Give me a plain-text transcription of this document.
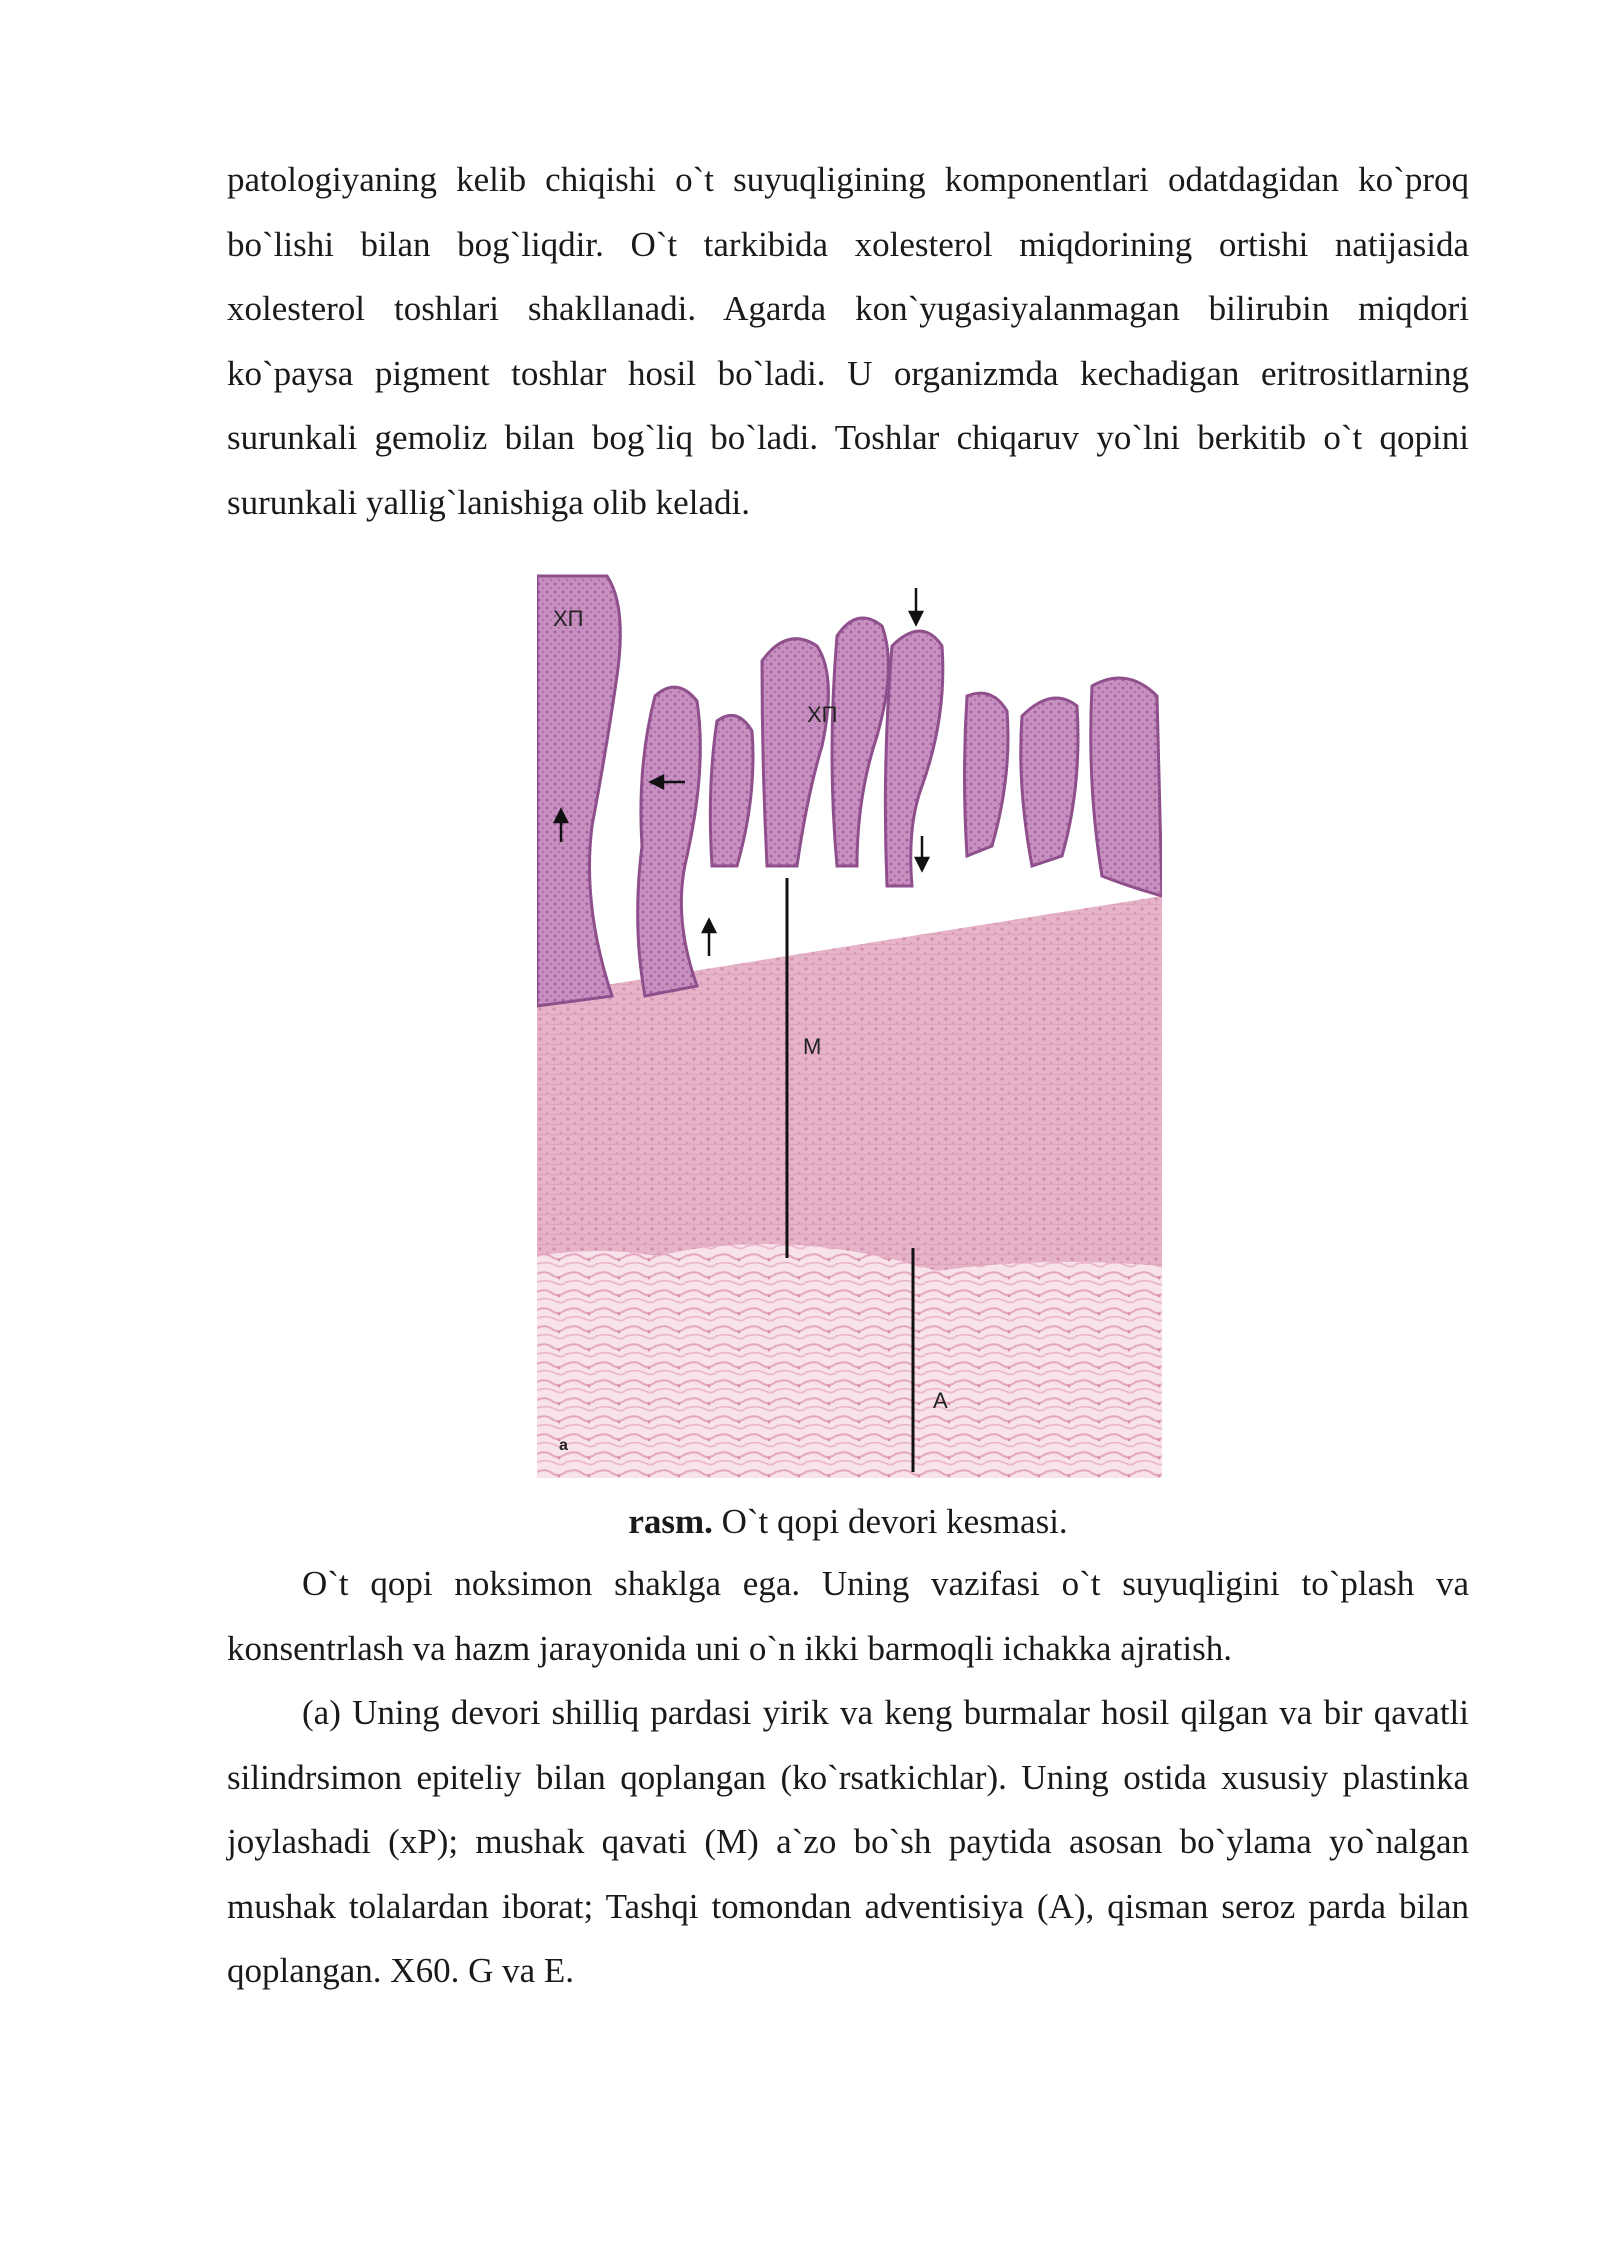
patologiyaning kelib chiqishi o`t suyuqligining komponentlari odatdagidan ko`proq bo`lishi bilan bog`liqdir. O`t tarkibida xolesterol miqdorining ortishi natijasida xolesterol toshlari shakllanadi. Agarda kon`yugasiyalanmagan bilirubin miqdori ko`paysa pigment toshlar hosil bo`ladi. U organizmda kechadigan eritrositlarning surunkali gemoliz bilan bog`liq bo`ladi. Toshlar chiqaruv yo`lni berkitib o`t qopini surunkali yallig`lanishiga olib keladi.

ХП
ХП
M
A
a

rasm. O`t qopi devori kesmasi.

O`t qopi noksimon shaklga ega. Uning vazifasi o`t suyuqligini to`plash va konsentrlash va hazm jarayonida uni o`n ikki barmoqli ichakka ajratish.

(a) Uning devori shilliq pardasi yirik va keng burmalar hosil qilgan va bir qavatli silindrsimon epiteliy bilan qoplangan (ko`rsatkichlar). Uning ostida xususiy plastinka joylashadi (xP); mushak qavati (M) a`zo bo`sh paytida asosan bo`ylama yo`nalgan mushak tolalardan iborat; Tashqi tomondan adventisiya (A), qisman seroz parda bilan qoplangan. X60. G va E.
